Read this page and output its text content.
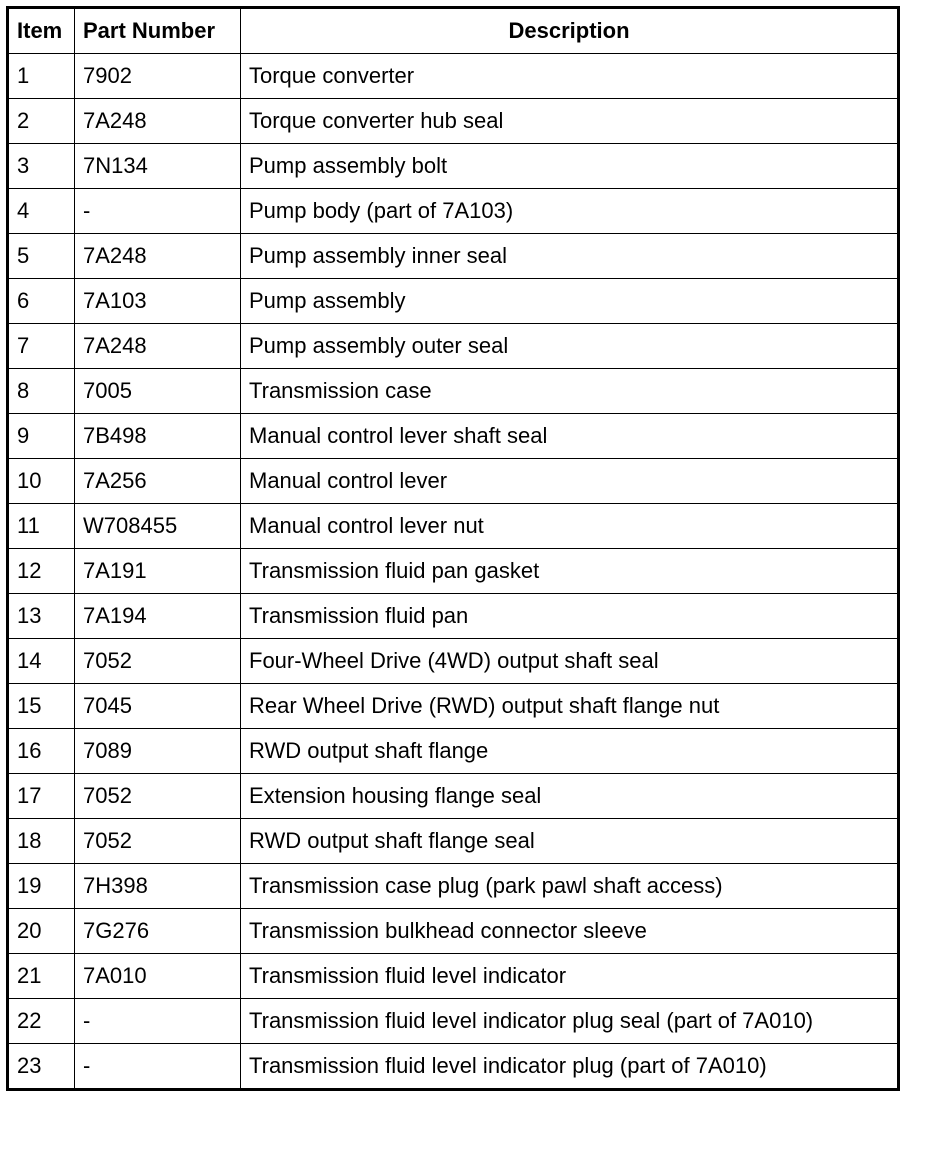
Item	Part Number	Description
1	7902	Torque converter
2	7A248	Torque converter hub seal
3	7N134	Pump assembly bolt
4	-	Pump body (part of 7A103)
5	7A248	Pump assembly inner seal
6	7A103	Pump assembly
7	7A248	Pump assembly outer seal
8	7005	Transmission case
9	7B498	Manual control lever shaft seal
10	7A256	Manual control lever
11	W708455	Manual control lever nut
12	7A191	Transmission fluid pan gasket
13	7A194	Transmission fluid pan
14	7052	Four-Wheel Drive (4WD) output shaft seal
15	7045	Rear Wheel Drive (RWD) output shaft flange nut
16	7089	RWD output shaft flange
17	7052	Extension housing flange seal
18	7052	RWD output shaft flange seal
19	7H398	Transmission case plug (park pawl shaft access)
20	7G276	Transmission bulkhead connector sleeve
21	7A010	Transmission fluid level indicator
22	-	Transmission fluid level indicator plug seal (part of 7A010)
23	-	Transmission fluid level indicator plug (part of 7A010)
